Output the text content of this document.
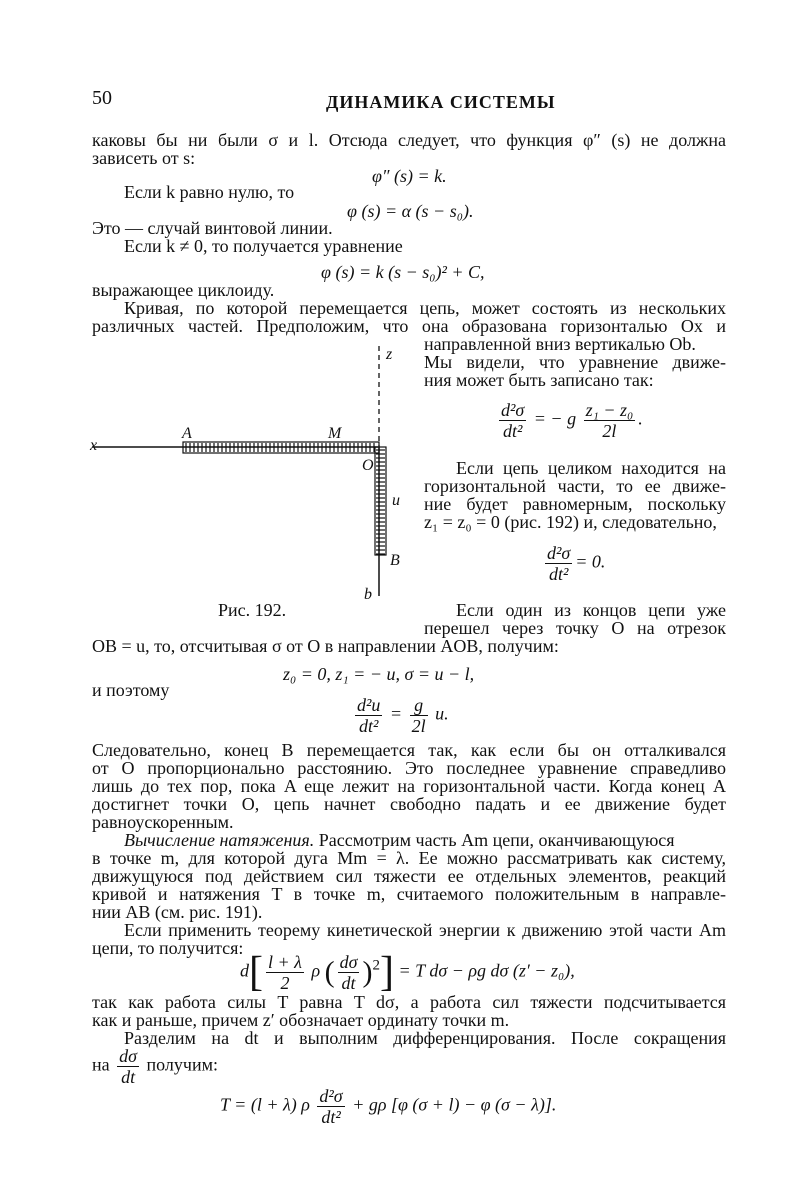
50	ДИНАМИКА СИСТЕМЫ
каковы бы ни были σ и l. Отсюда следует, что функция φ″ (s) не должна
зависеть от s:
φ″ (s) = k.
Если k равно нулю, то
φ (s) = α (s − s₀).
Это — случай винтовой линии.
Если k ≠ 0, то получается уравнение
φ (s) = k (s − s₀)² + C,
выражающее циклоиду.
Кривая, по которой перемещается цепь, может состоять из нескольких
различных частей. Предположим, что она образована горизонталью Ox и
направленной вниз вертикалью Ob.
Мы видели, что уравнение движе-
ния может быть записано так:
$\frac{\text{d²σ}}{\text{dt²}}$ = − g $\frac{\text{z₁ − z₀}}{2l}$ .
Если цепь целиком находится на
горизонтальной части, то ее движе-
ние будет равномерным, поскольку
z₁ = z₀ = 0 (рис. 192) и, следовательно,
$\frac{\text{d²σ}}{\text{dt²}} = 0$.
Рис. 192.	Если один из концов цепи уже
перешел через точку O на отрезок
OB = u, то, отсчитывая σ от O в направлении AOB, получим:
z₀ = 0, z₁ = − u, σ = u − l,
и поэтому
$\frac{\text{d²u}}{\text{dt²}} = \frac{g}{2l} u$.
Следовательно, конец B перемещается так, как если бы он отталкивался
от O пропорционально расстоянию. Это последнее уравнение справедливо
лишь до тех пор, пока A еще лежит на горизонтальной части. Когда конец A
достигнет точки O, цепь начнет свободно падать и ее движение будет
равноускоренным.
Вычисление натяжения. Рассмотрим часть Am цепи, оканчивающуюся
в точке m, для которой дуга Mm = λ. Ее можно рассматривать как систему,
движущуюся под действием сил тяжести ее отдельных элементов, реакций
кривой и натяжения T в точке m, считаемого положительным в направле-
нии AB (см. рис. 191).
Если применить теорему кинетической энергии к движению этой части Am
цепи, то получится:
$d[ \frac{l + \lambda}{2}$ ρ ( $\frac{d\sigma}{dt} )^2] = T$ dσ − ρg dσ (z′ − z₀),
так как работа силы T равна T dσ, а работа сил тяжести подсчитывается
как и раньше, причем z′ обозначает ординату точки m.
Разделим на dt и выполним дифференцирования. После сокращения
на $\frac{d\sigma}{dt}$ получим:
T = (l + λ) ρ $\frac{\text{d²σ}}{\text{dt²}} + g\rho$ [φ (σ + l) − φ (σ − λ)].
x
A	M
z
O
u
B
b
